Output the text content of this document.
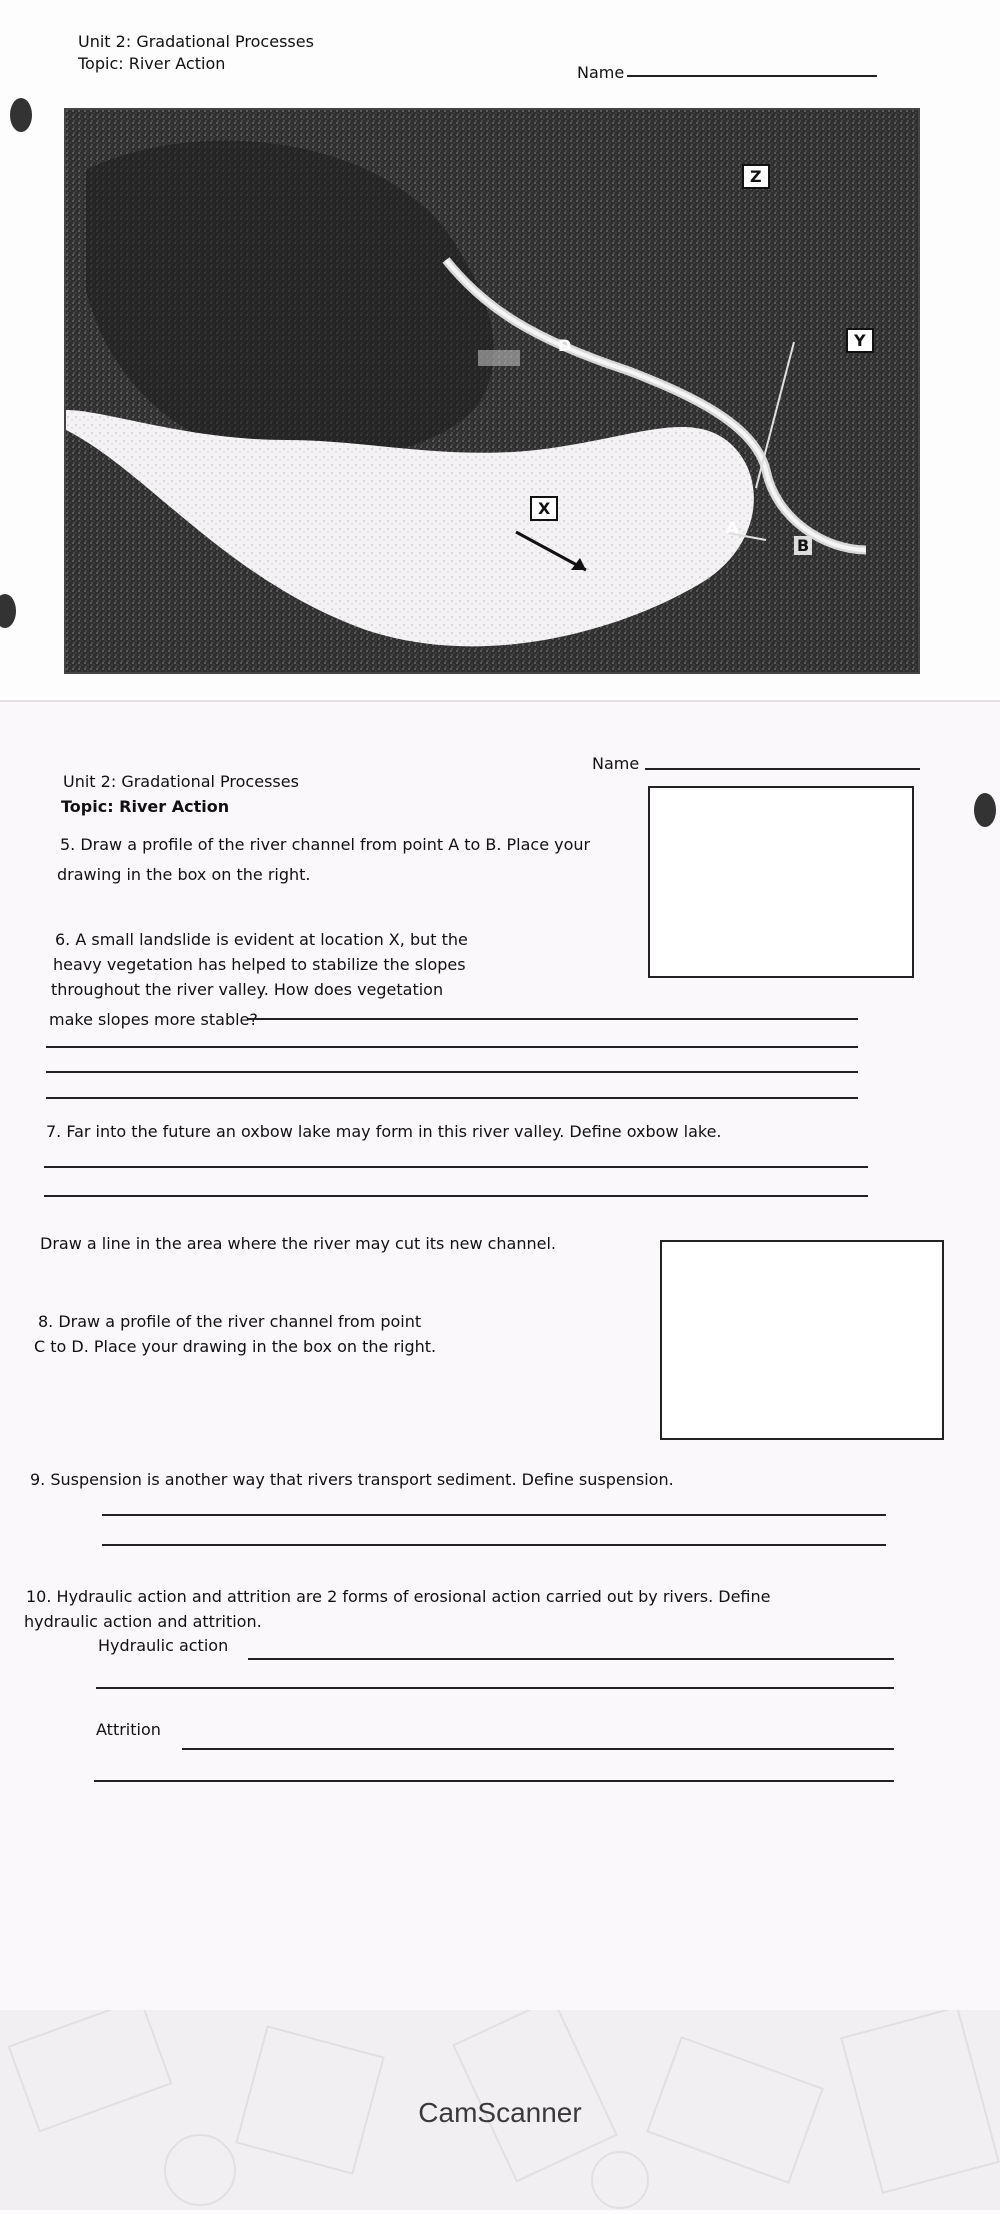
Unit 2: Gradational Processes
Topic: River Action	Name
Z
Y
D
X
A
B
Name
Unit 2: Gradational Processes
Topic: River Action
5. Draw a profile of the river channel from point A to B. Place your
drawing in the box on the right.
6. A small landslide is evident at location X, but the
heavy vegetation has helped to stabilize the slopes
throughout the river valley. How does vegetation
make slopes more stable?
7. Far into the future an oxbow lake may form in this river valley. Define oxbow lake.
Draw a line in the area where the river may cut its new channel.
8. Draw a profile of the river channel from point
C to D. Place your drawing in the box on the right.
9. Suspension is another way that rivers transport sediment. Define suspension.
10. Hydraulic action and attrition are 2 forms of erosional action carried out by rivers. Define
hydraulic action and attrition.
Hydraulic action
Attrition
CamScanner
